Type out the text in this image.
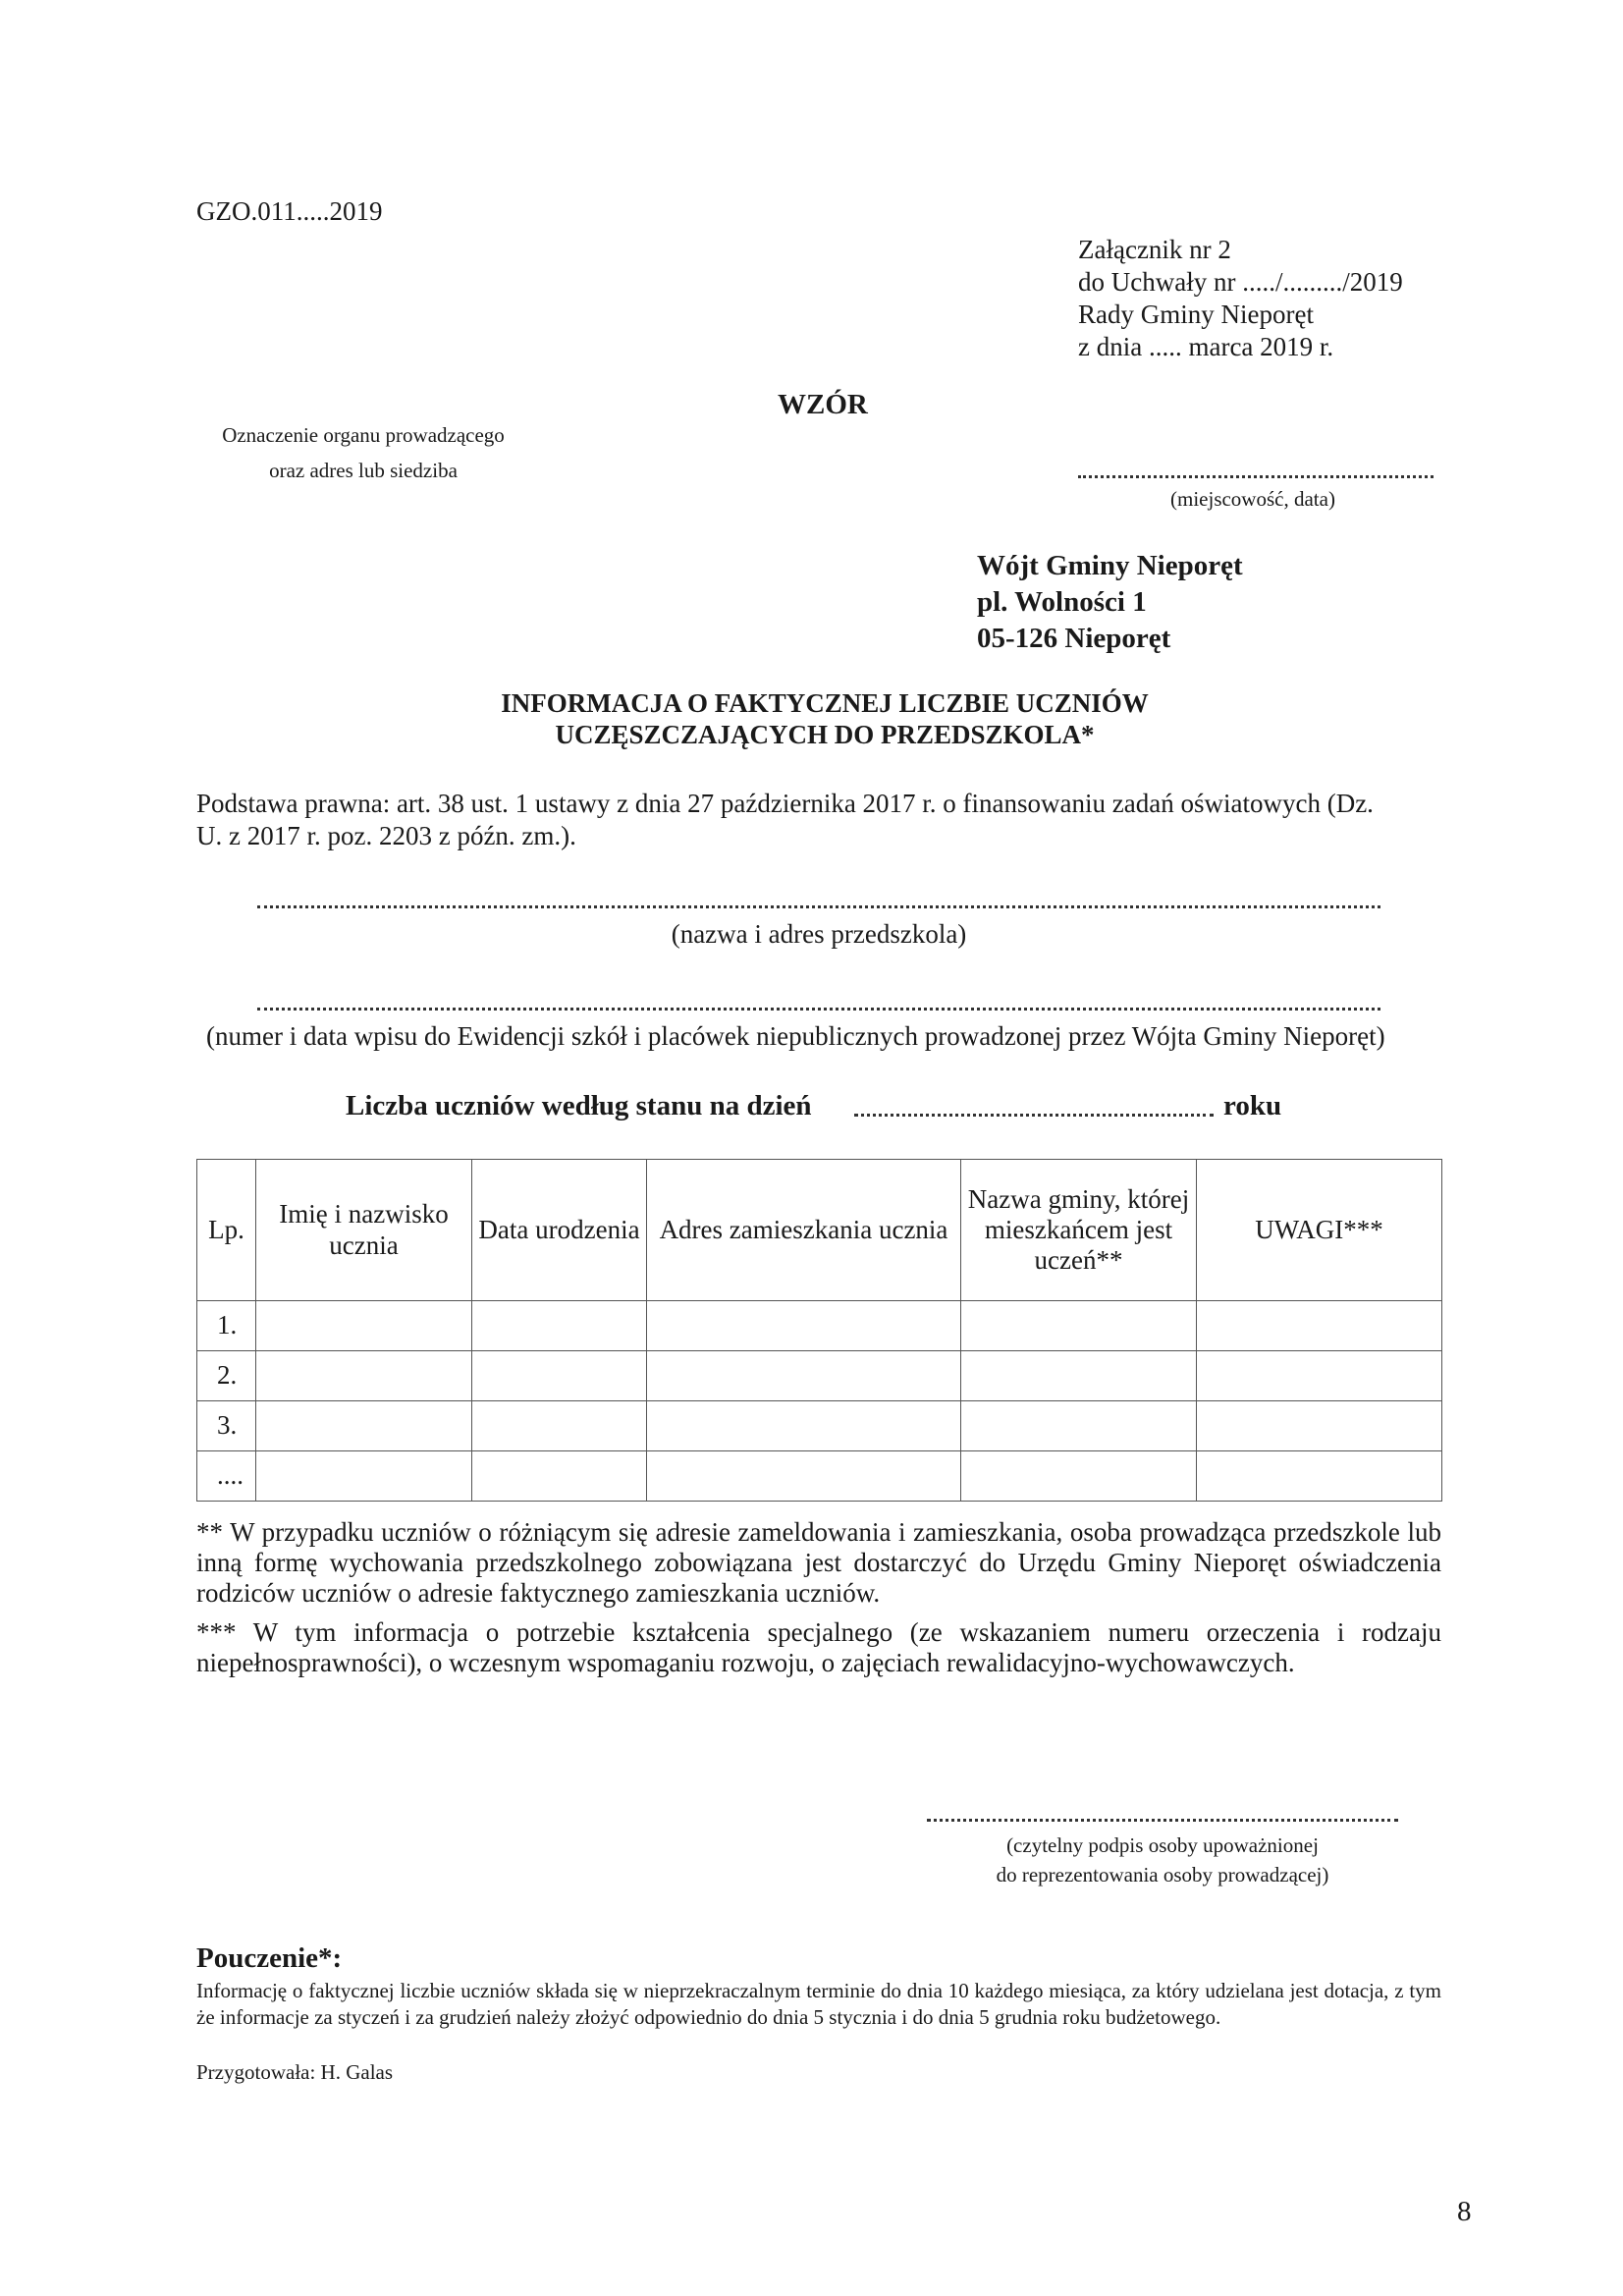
GZO.011.....2019
Załącznik nr 2
do Uchwały nr ...../........./2019
Rady Gminy Nieporęt
z dnia ..... marca 2019 r.
WZÓR
Oznaczenie organu prowadzącego
oraz adres lub siedziba
(miejscowość, data)
Wójt Gminy Nieporęt
pl. Wolności 1
05-126 Nieporęt
INFORMACJA O FAKTYCZNEJ LICZBIE UCZNIÓW
UCZĘSZCZAJĄCYCH DO PRZEDSZKOLA*
Podstawa prawna: art. 38 ust. 1 ustawy z dnia 27 października 2017 r. o finansowaniu zadań oświatowych (Dz.
U. z 2017 r. poz. 2203 z późn. zm.).
(nazwa i adres przedszkola)
(numer i data wpisu do Ewidencji szkół i placówek niepublicznych prowadzonej przez Wójta Gminy Nieporęt)
Liczba uczniów według stanu na dzień	roku
Lp.	Imię i nazwisko ucznia	Data urodzenia	Adres zamieszkania ucznia	Nazwa gminy, której mieszkańcem jest uczeń**	UWAGI***
1.					
2.					
3.					
....					
** W przypadku uczniów o różniącym się adresie zameldowania i zamieszkania, osoba prowadząca przedszkole lub inną formę wychowania przedszkolnego zobowiązana jest dostarczyć do Urzędu Gminy Nieporęt oświadczenia rodziców uczniów o adresie faktycznego zamieszkania uczniów.
*** W tym informacja o potrzebie kształcenia specjalnego (ze wskazaniem numeru orzeczenia i rodzaju niepełnosprawności), o wczesnym wspomaganiu rozwoju, o zajęciach rewalidacyjno-wychowawczych.
(czytelny podpis osoby upoważnionej
do reprezentowania osoby prowadzącej)
Pouczenie*:
Informację o faktycznej liczbie uczniów składa się w nieprzekraczalnym terminie do dnia 10 każdego miesiąca, za który udzielana jest dotacja, z tym że informacje za styczeń i za grudzień należy złożyć odpowiednio do dnia 5 stycznia i do dnia 5 grudnia roku budżetowego.
Przygotowała: H. Galas
8
